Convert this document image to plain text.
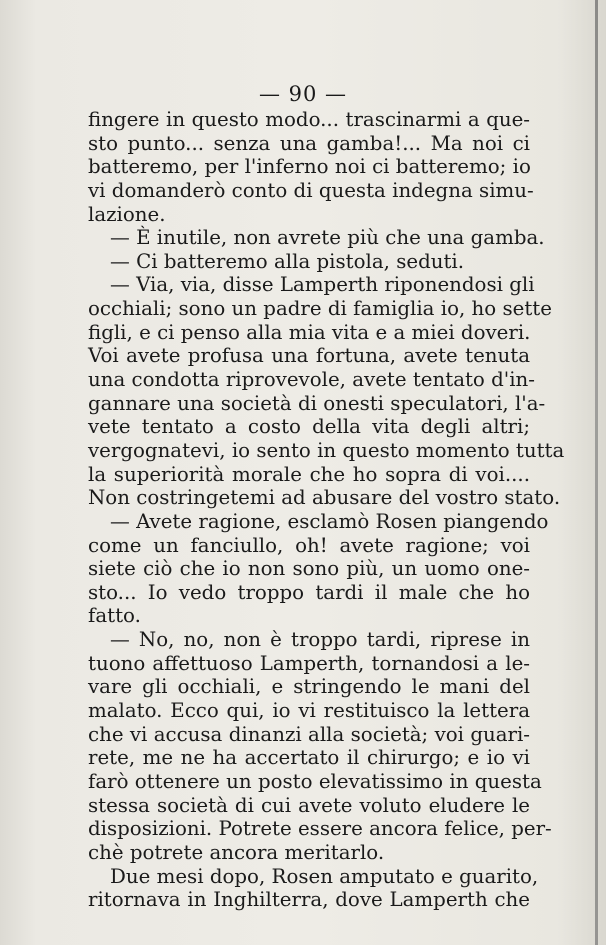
— 90 —
fingere in questo modo... trascinarmi a que-
sto punto... senza una gamba!... Ma noi ci
batteremo, per l'inferno noi ci batteremo; io
vi domanderò conto di questa indegna simu-
lazione.
— È inutile, non avrete più che una gamba.
— Ci batteremo alla pistola, seduti.
— Via, via, disse Lamperth riponendosi gli
occhiali; sono un padre di famiglia io, ho sette
figli, e ci penso alla mia vita e a miei doveri.
Voi avete profusa una fortuna, avete tenuta
una condotta riprovevole, avete tentato d'in-
gannare una società di onesti speculatori, l'a-
vete tentato a costo della vita degli altri;
vergognatevi, io sento in questo momento tutta
la superiorità morale che ho sopra di voi....
Non costringetemi ad abusare del vostro stato.
— Avete ragione, esclamò Rosen piangendo
come un fanciullo, oh! avete ragione; voi
siete ciò che io non sono più, un uomo one-
sto... Io vedo troppo tardi il male che ho
fatto.
— No, no, non è troppo tardi, riprese in
tuono affettuoso Lamperth, tornandosi a le-
vare gli occhiali, e stringendo le mani del
malato. Ecco qui, io vi restituisco la lettera
che vi accusa dinanzi alla società; voi guari-
rete, me ne ha accertato il chirurgo; e io vi
farò ottenere un posto elevatissimo in questa
stessa società di cui avete voluto eludere le
disposizioni. Potrete essere ancora felice, per-
chè potrete ancora meritarlo.
Due mesi dopo, Rosen amputato e guarito,
ritornava in Inghilterra, dove Lamperth che
